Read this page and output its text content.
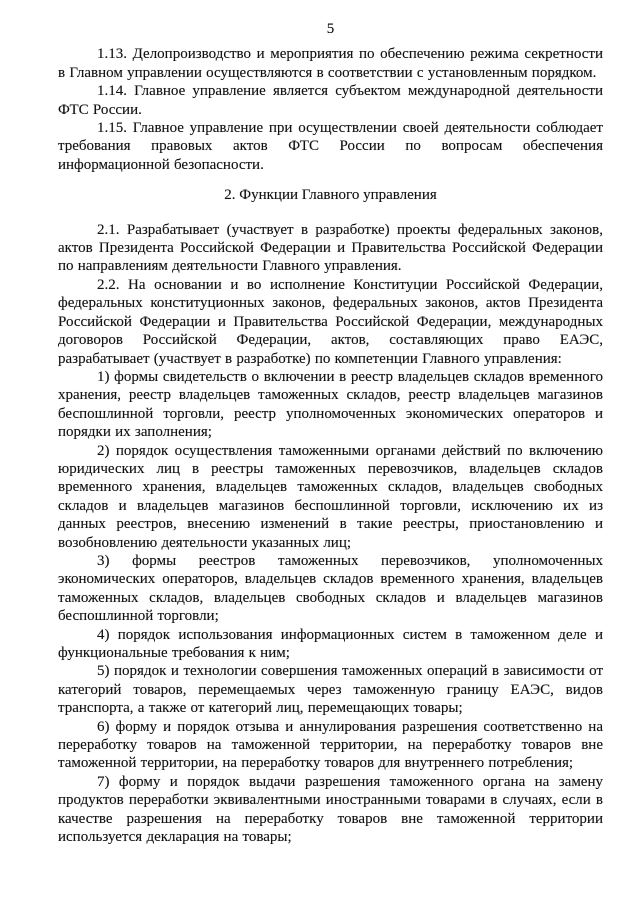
5

1.13. Делопроизводство и мероприятия по обеспечению режима секретности в Главном управлении осуществляются в соответствии с установленным порядком.

1.14. Главное управление является субъектом международной деятельности ФТС России.

1.15. Главное управление при осуществлении своей деятельности соблюдает требования правовых актов ФТС России по вопросам обеспечения информационной безопасности.

2. Функции Главного управления

2.1. Разрабатывает (участвует в разработке) проекты федеральных законов, актов Президента Российской Федерации и Правительства Российской Федерации по направлениям деятельности Главного управления.

2.2. На основании и во исполнение Конституции Российской Федерации, федеральных конституционных законов, федеральных законов, актов Президента Российской Федерации и Правительства Российской Федерации, международных договоров Российской Федерации, актов, составляющих право ЕАЭС, разрабатывает (участвует в разработке) по компетенции Главного управления:

1) формы свидетельств о включении в реестр владельцев складов временного хранения, реестр владельцев таможенных складов, реестр владельцев магазинов беспошлинной торговли, реестр уполномоченных экономических операторов и порядки их заполнения;

2) порядок осуществления таможенными органами действий по включению юридических лиц в реестры таможенных перевозчиков, владельцев складов временного хранения, владельцев таможенных складов, владельцев свободных складов и владельцев магазинов беспошлинной торговли, исключению их из данных реестров, внесению изменений в такие реестры, приостановлению и возобновлению деятельности указанных лиц;

3) формы реестров таможенных перевозчиков, уполномоченных экономических операторов, владельцев складов временного хранения, владельцев таможенных складов, владельцев свободных складов и владельцев магазинов беспошлинной торговли;

4) порядок использования информационных систем в таможенном деле и функциональные требования к ним;

5) порядок и технологии совершения таможенных операций в зависимости от категорий товаров, перемещаемых через таможенную границу ЕАЭС, видов транспорта, а также от категорий лиц, перемещающих товары;

6) форму и порядок отзыва и аннулирования разрешения соответственно на переработку товаров на таможенной территории, на переработку товаров вне таможенной территории, на переработку товаров для внутреннего потребления;

7) форму и порядок выдачи разрешения таможенного органа на замену продуктов переработки эквивалентными иностранными товарами в случаях, если в качестве разрешения на переработку товаров вне таможенной территории используется декларация на товары;
